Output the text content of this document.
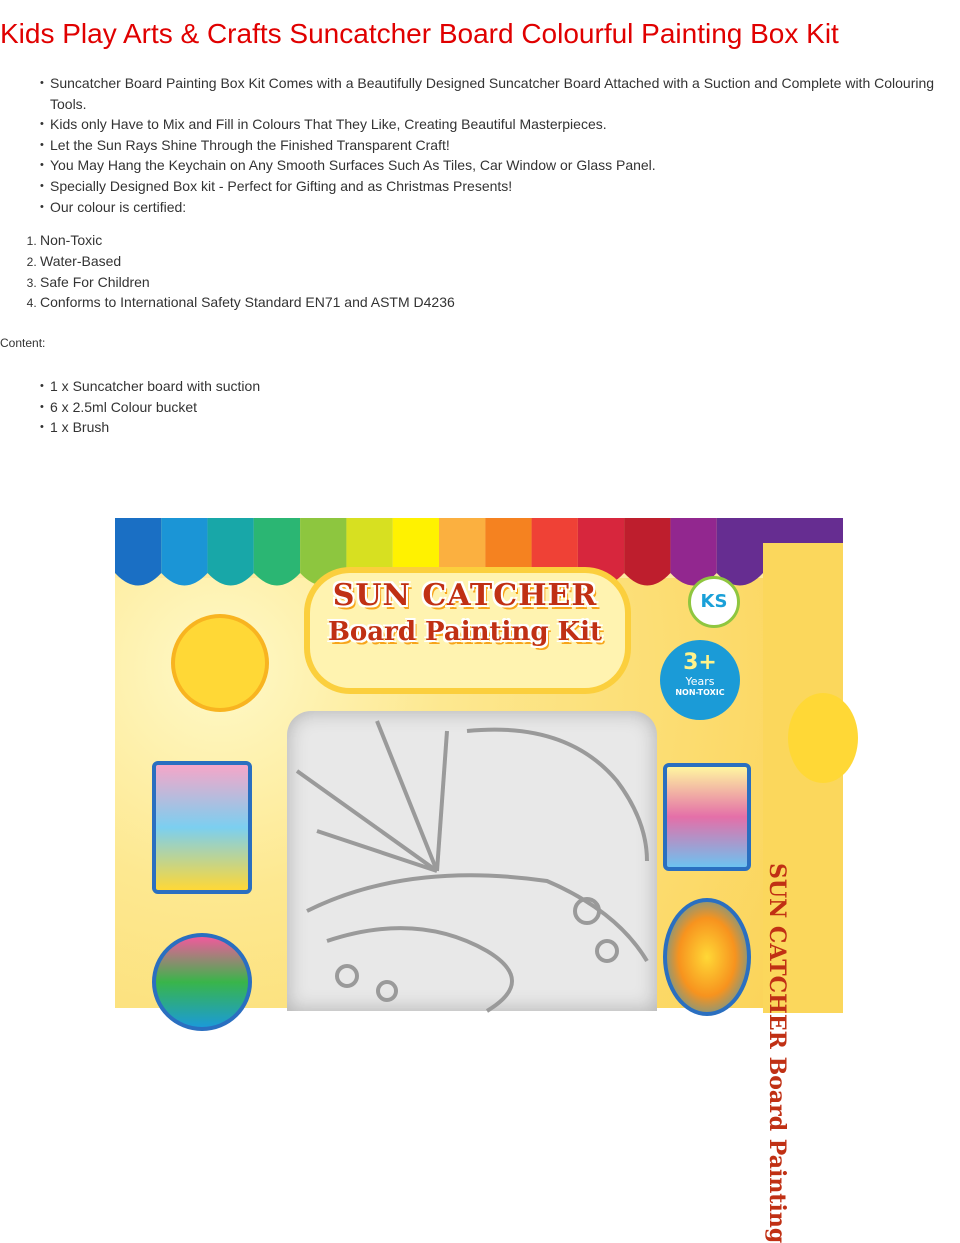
Kids Play Arts & Crafts Suncatcher Board Colourful Painting Box Kit
• Suncatcher Board Painting Box Kit Comes with a Beautifully Designed Suncatcher Board Attached with a Suction and Complete with Colouring Tools.
• Kids only Have to Mix and Fill in Colours That They Like, Creating Beautiful Masterpieces.
• Let the Sun Rays Shine Through the Finished Transparent Craft!
• You May Hang the Keychain on Any Smooth Surfaces Such As Tiles, Car Window or Glass Panel.
• Specially Designed Box kit - Perfect for Gifting and as Christmas Presents!
• Our colour is certified:
1. Non-Toxic
2. Water-Based
3. Safe For Children
4. Conforms to International Safety Standard EN71 and ASTM D4236
Content:
• 1 x Suncatcher board with suction
• 6 x 2.5ml Colour bucket
• 1 x Brush
SUN CATCHER
Board Painting Kit
KS
3+
Years
NON-TOXIC
SUN CATCHER Board Painting
